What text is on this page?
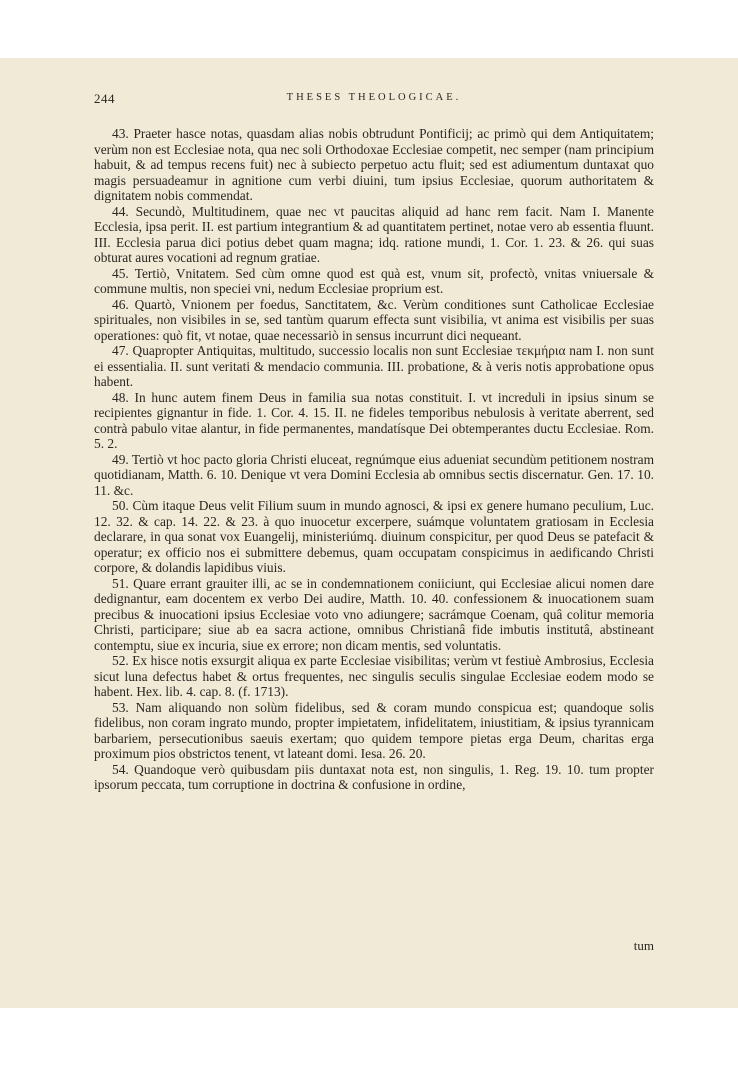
244	THESES THEOLOGICAE.

43. Praeter hasce notas, quasdam alias nobis obtrudunt Pontificij; ac primò qui dem Antiquitatem; verùm non est Ecclesiae nota, qua nec soli Orthodoxae Ecclesiae competit, nec semper (nam principium habuit, & ad tempus recens fuit) nec à subiecto perpetuo actu fluit; sed est adiumentum duntaxat quo magis persuadeamur in agnitione cum verbi diuini, tum ipsius Ecclesiae, quorum authoritatem & dignitatem nobis commendat.

44. Secundò, Multitudinem, quae nec vt paucitas aliquid ad hanc rem facit. Nam I. Manente Ecclesia, ipsa perit. II. est partium integrantium & ad quantitatem pertinet, notae vero ab essentia fluunt. III. Ecclesia parua dici potius debet quam magna; idq. ratione mundi, 1. Cor. 1. 23. & 26. qui suas obturat aures vocationi ad regnum gratiae.

45. Tertiò, Vnitatem. Sed cùm omne quod est quà est, vnum sit, profectò, vnitas vniuersale & commune multis, non speciei vni, nedum Ecclesiae proprium est.

46. Quartò, Vnionem per foedus, Sanctitatem, &c. Verùm conditiones sunt Catholicae Ecclesiae spirituales, non visibiles in se, sed tantùm quarum effecta sunt visibilia, vt anima est visibilis per suas operationes: quò fit, vt notae, quae necessariò in sensus incurrunt dici nequeant.

47. Quapropter Antiquitas, multitudo, successio localis non sunt Ecclesiae τεκμήρια nam I. non sunt ei essentialia. II. sunt veritati & mendacio communia. III. probatione, & à veris notis approbatione opus habent.

48. In hunc autem finem Deus in familia sua notas constituit. I. vt increduli in ipsius sinum se recipientes gignantur in fide. 1. Cor. 4. 15. II. ne fideles temporibus nebulosis à veritate aberrent, sed contrà pabulo vitae alantur, in fide permanentes, mandatísque Dei obtemperantes ductu Ecclesiae. Rom. 5. 2.

49. Tertiò vt hoc pacto gloria Christi eluceat, regnúmque eius adueniat secundùm petitionem nostram quotidianam, Matth. 6. 10. Denique vt vera Domini Ecclesia ab omnibus sectis discernatur. Gen. 17. 10. 11. &c.

50. Cùm itaque Deus velit Filium suum in mundo agnosci, & ipsi ex genere humano peculium, Luc. 12. 32. & cap. 14. 22. & 23. à quo inuocetur excerpere, suámque voluntatem gratiosam in Ecclesia declarare, in qua sonat vox Euangelij, ministeriúmq. diuinum conspicitur, per quod Deus se patefacit & operatur; ex officio nos ei submittere debemus, quam occupatam conspicimus in aedificando Christi corpore, & dolandis lapidibus viuis.

51. Quare errant grauiter illi, ac se in condemnationem coniiciunt, qui Ecclesiae alicui nomen dare dedignantur, eam docentem ex verbo Dei audire, Matth. 10. 40. confessionem & inuocationem suam precibus & inuocationi ipsius Ecclesiae voto vno adiungere; sacrámque Coenam, quâ colitur memoria Christi, participare; siue ab ea sacra actione, omnibus Christianâ fide imbutis institutâ, abstineant contemptu, siue ex incuria, siue ex errore; non dicam mentis, sed voluntatis.

52. Ex hisce notis exsurgit aliqua ex parte Ecclesiae visibilitas; verùm vt festiuè Ambrosius, Ecclesia sicut luna defectus habet & ortus frequentes, nec singulis seculis singulae Ecclesiae eodem modo se habent. Hex. lib. 4. cap. 8. (f. 1713).

53. Nam aliquando non solùm fidelibus, sed & coram mundo conspicua est; quandoque solis fidelibus, non coram ingrato mundo, propter impietatem, infidelitatem, iniustitiam, & ipsius tyrannicam barbariem, persecutionibus saeuis exertam; quo quidem tempore pietas erga Deum, charitas erga proximum pios obstrictos tenent, vt lateant domi. Iesa. 26. 20.

54. Quandoque verò quibusdam piis duntaxat nota est, non singulis, 1. Reg. 19. 10. tum propter ipsorum peccata, tum corruptione in doctrina & confusione in ordine,

tum
